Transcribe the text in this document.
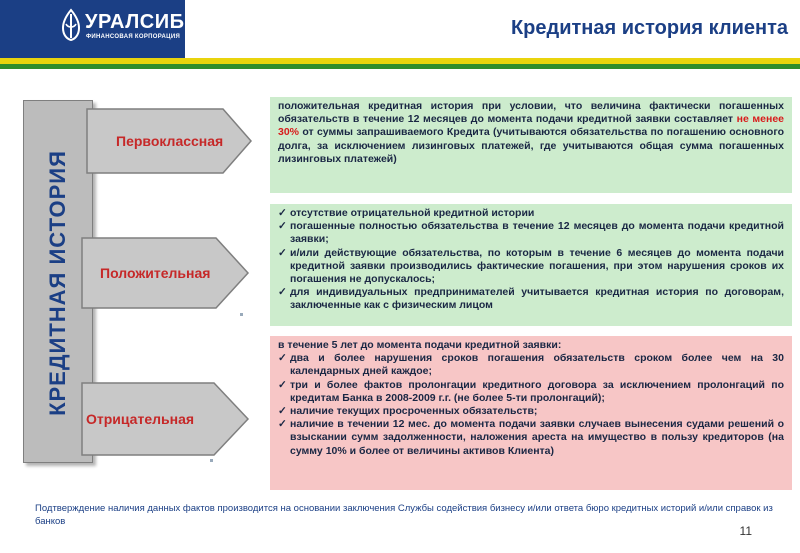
УРАЛСИБ
ФИНАНСОВАЯ КОРПОРАЦИЯ	Кредитная история клиента
КРЕДИТНАЯ ИСТОРИЯ
Первоклассная
Положительная
Отрицательная

положительная кредитная история при условии, что величина фактически погашенных обязательств в течение 12 месяцев до момента подачи кредитной заявки составляет не менее 30% от суммы запрашиваемого Кредита (учитываются обязательства по погашению основного долга, за исключением лизинговых платежей, где учитываются общая сумма погашенных лизинговых платежей)

✓ отсутствие отрицательной кредитной истории
✓ погашенные полностью обязательства в течение 12 месяцев до момента подачи кредитной заявки;
✓ и/или действующие обязательства, по которым в течение 6 месяцев до момента подачи кредитной заявки производились фактические погашения, при этом нарушения сроков их погашения не допускалось;
✓ для индивидуальных предпринимателей учитывается кредитная история по договорам, заключенные как с физическим лицом
в течение 5 лет до момента подачи кредитной заявки:
✓ два и более нарушения сроков погашения обязательств сроком более чем на 30 календарных дней каждое;
✓ три и более фактов пролонгации кредитного договора за исключением пролонгаций по кредитам Банка в 2008-2009 г.г. (не более 5-ти пролонгаций);
✓ наличие текущих просроченных обязательств;
✓ наличие в течении 12 мес. до момента подачи заявки случаев вынесения судами решений о взыскании сумм задолженности, наложения ареста на имущество в пользу кредиторов (на сумму 10% и более от величины активов Клиента)
Подтверждение наличия данных фактов производится на основании заключения Службы содействия бизнесу и/или ответа бюро кредитных историй и/или справок из банков
11
